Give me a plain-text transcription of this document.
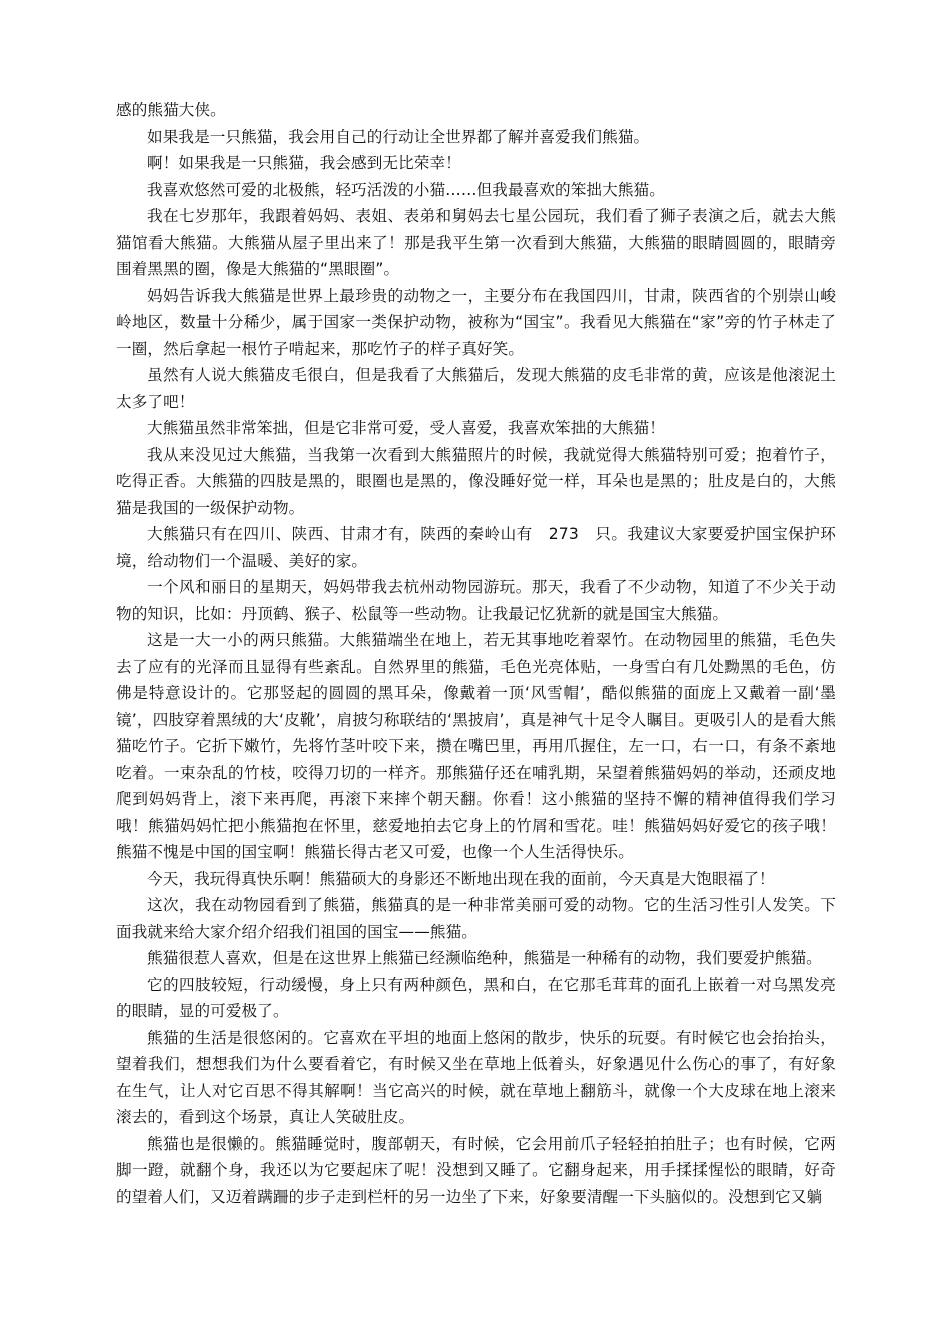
感的熊猫大侠。

如果我是一只熊猫，我会用自己的行动让全世界都了解并喜爱我们熊猫。

啊！如果我是一只熊猫，我会感到无比荣幸！

我喜欢悠然可爱的北极熊，轻巧活泼的小猫……但我最喜欢的笨拙大熊猫。

我在七岁那年，我跟着妈妈、表姐、表弟和舅妈去七星公园玩，我们看了狮子表演之后，就去大熊猫馆看大熊猫。大熊猫从屋子里出来了！那是我平生第一次看到大熊猫，大熊猫的眼睛圆圆的，眼睛旁围着黑黑的圈，像是大熊猫的“黑眼圈”。

妈妈告诉我大熊猫是世界上最珍贵的动物之一，主要分布在我国四川，甘肃，陕西省的个别崇山峻岭地区，数量十分稀少，属于国家一类保护动物，被称为“国宝”。我看见大熊猫在“家”旁的竹子林走了一圈，然后拿起一根竹子啃起来，那吃竹子的样子真好笑。

虽然有人说大熊猫皮毛很白，但是我看了大熊猫后，发现大熊猫的皮毛非常的黄，应该是他滚泥土太多了吧！

大熊猫虽然非常笨拙，但是它非常可爱，受人喜爱，我喜欢笨拙的大熊猫！

我从来没见过大熊猫，当我第一次看到大熊猫照片的时候，我就觉得大熊猫特别可爱；抱着竹子，吃得正香。大熊猫的四肢是黑的，眼圈也是黑的，像没睡好觉一样，耳朵也是黑的；肚皮是白的，大熊猫是我国的一级保护动物。

大熊猫只有在四川、陕西、甘肃才有，陕西的秦岭山有　273　只。我建议大家要爱护国宝保护环境，给动物们一个温暖、美好的家。

一个风和丽日的星期天，妈妈带我去杭州动物园游玩。那天，我看了不少动物，知道了不少关于动物的知识，比如：丹顶鹤、猴子、松鼠等一些动物。让我最记忆犹新的就是国宝大熊猫。

这是一大一小的两只熊猫。大熊猫端坐在地上，若无其事地吃着翠竹。在动物园里的熊猫，毛色失去了应有的光泽而且显得有些紊乱。自然界里的熊猫，毛色光亮体贴，一身雪白有几处黝黑的毛色，仿佛是特意设计的。它那竖起的圆圆的黑耳朵，像戴着一顶‘风雪帽’，酷似熊猫的面庞上又戴着一副‘墨镜’，四肢穿着黑绒的大‘皮靴’，肩披匀称联结的‘黑披肩’，真是神气十足令人瞩目。更吸引人的是看大熊猫吃竹子。它折下嫩竹，先将竹茎叶咬下来，攒在嘴巴里，再用爪握住，左一口，右一口，有条不紊地吃着。一束杂乱的竹枝，咬得刀切的一样齐。那熊猫仔还在哺乳期，呆望着熊猫妈妈的举动，还顽皮地爬到妈妈背上，滚下来再爬，再滚下来摔个朝天翻。你看！这小熊猫的坚持不懈的精神值得我们学习哦！熊猫妈妈忙把小熊猫抱在怀里，慈爱地拍去它身上的竹屑和雪花。哇！熊猫妈妈好爱它的孩子哦！熊猫不愧是中国的国宝啊！熊猫长得古老又可爱，也像一个人生活得快乐。

今天，我玩得真快乐啊！熊猫硕大的身影还不断地出现在我的面前，今天真是大饱眼福了！

这次，我在动物园看到了熊猫，熊猫真的是一种非常美丽可爱的动物。它的生活习性引人发笑。下面我就来给大家介绍介绍我们祖国的国宝——熊猫。

熊猫很惹人喜欢，但是在这世界上熊猫已经濒临绝种，熊猫是一种稀有的动物，我们要爱护熊猫。

它的四肢较短，行动缓慢，身上只有两种颜色，黑和白，在它那毛茸茸的面孔上嵌着一对乌黑发亮的眼睛，显的可爱极了。

熊猫的生活是很悠闲的。它喜欢在平坦的地面上悠闲的散步，快乐的玩耍。有时候它也会抬抬头，望着我们，想想我们为什么要看着它，有时候又坐在草地上低着头，好象遇见什么伤心的事了，有好象在生气，让人对它百思不得其解啊！当它高兴的时候，就在草地上翻筋斗，就像一个大皮球在地上滚来滚去的，看到这个场景，真让人笑破肚皮。

熊猫也是很懒的。熊猫睡觉时，腹部朝天，有时候，它会用前爪子轻轻拍拍肚子；也有时候，它两脚一蹬，就翻个身，我还以为它要起床了呢！没想到又睡了。它翻身起来，用手揉揉惺忪的眼睛，好奇的望着人们，又迈着蹒跚的步子走到栏杆的另一边坐了下来，好象要清醒一下头脑似的。没想到它又躺
